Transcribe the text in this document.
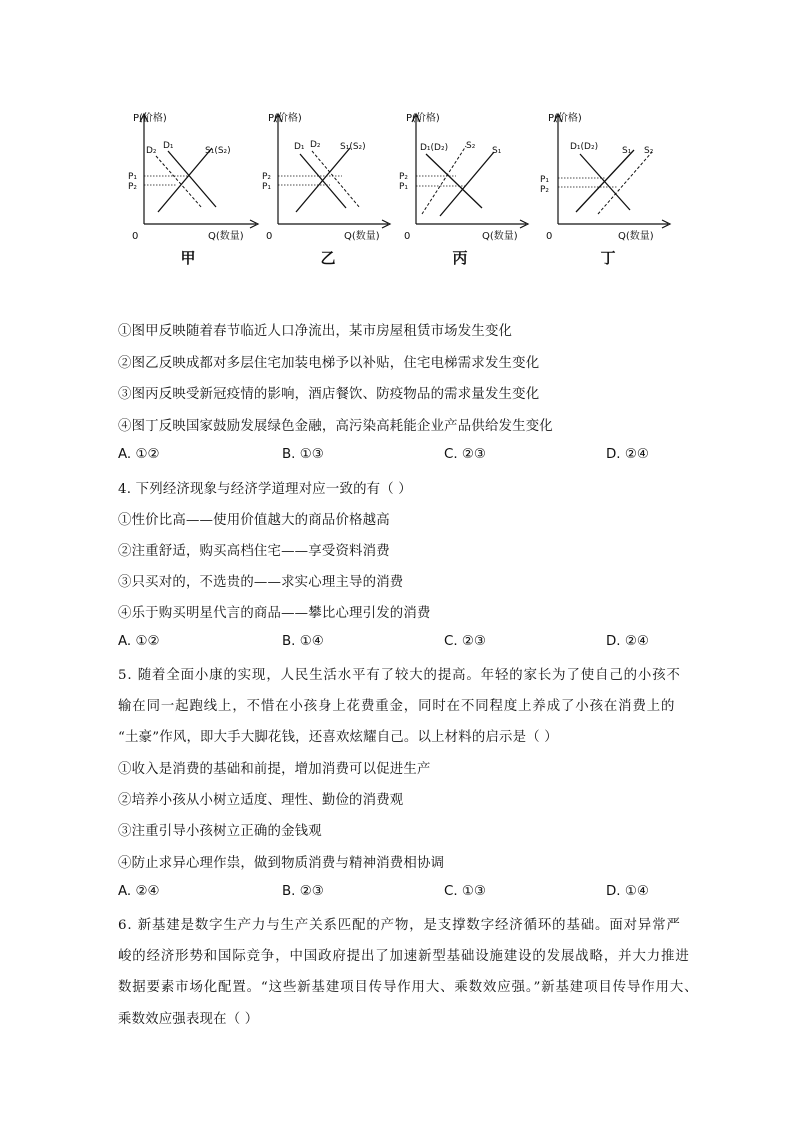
P(价格)
Q(数量)
0
P₁
P₂
D₂ D₁	S₁(S₂)
甲
P(价格)
Q(数量)
0
P₂
P₁
D₁ D₂ S₁(S₂)
乙
P(价格)
Q(数量)
0
P₂
P₁
D₁(D₂) S₂ S₁
丙
P(价格)
Q(数量)
0
P₁
P₂
D₁(D₂)	S₁ S₂
丁
①图甲反映随着春节临近人口净流出，某市房屋租赁市场发生变化
②图乙反映成都对多层住宅加装电梯予以补贴，住宅电梯需求发生变化
③图丙反映受新冠疫情的影响，酒店餐饮、防疫物品的需求量发生变化
④图丁反映国家鼓励发展绿色金融，高污染高耗能企业产品供给发生变化
A. ①②	B. ①③	C. ②③	D. ②④
4. 下列经济现象与经济学道理对应一致的有（ ）
①性价比高——使用价值越大的商品价格越高
②注重舒适，购买高档住宅——享受资料消费
③只买对的，不选贵的——求实心理主导的消费
④乐于购买明星代言的商品——攀比心理引发的消费
A. ①②	B. ①④	C. ②③	D. ②④
5. 随着全面小康的实现，人民生活水平有了较大的提高。年轻的家长为了使自己的小孩不
输在同一起跑线上，不惜在小孩身上花费重金，同时在不同程度上养成了小孩在消费上的
“土豪”作风，即大手大脚花钱，还喜欢炫耀自己。以上材料的启示是（ ）
①收入是消费的基础和前提，增加消费可以促进生产
②培养小孩从小树立适度、理性、勤俭的消费观
③注重引导小孩树立正确的金钱观
④防止求异心理作祟，做到物质消费与精神消费相协调
A. ②④	B. ②③	C. ①③	D. ①④
6. 新基建是数字生产力与生产关系匹配的产物，是支撑数字经济循环的基础。面对异常严
峻的经济形势和国际竞争，中国政府提出了加速新型基础设施建设的发展战略，并大力推进
数据要素市场化配置。“这些新基建项目传导作用大、乘数效应强。”新基建项目传导作用大、
乘数效应强表现在（ ）
